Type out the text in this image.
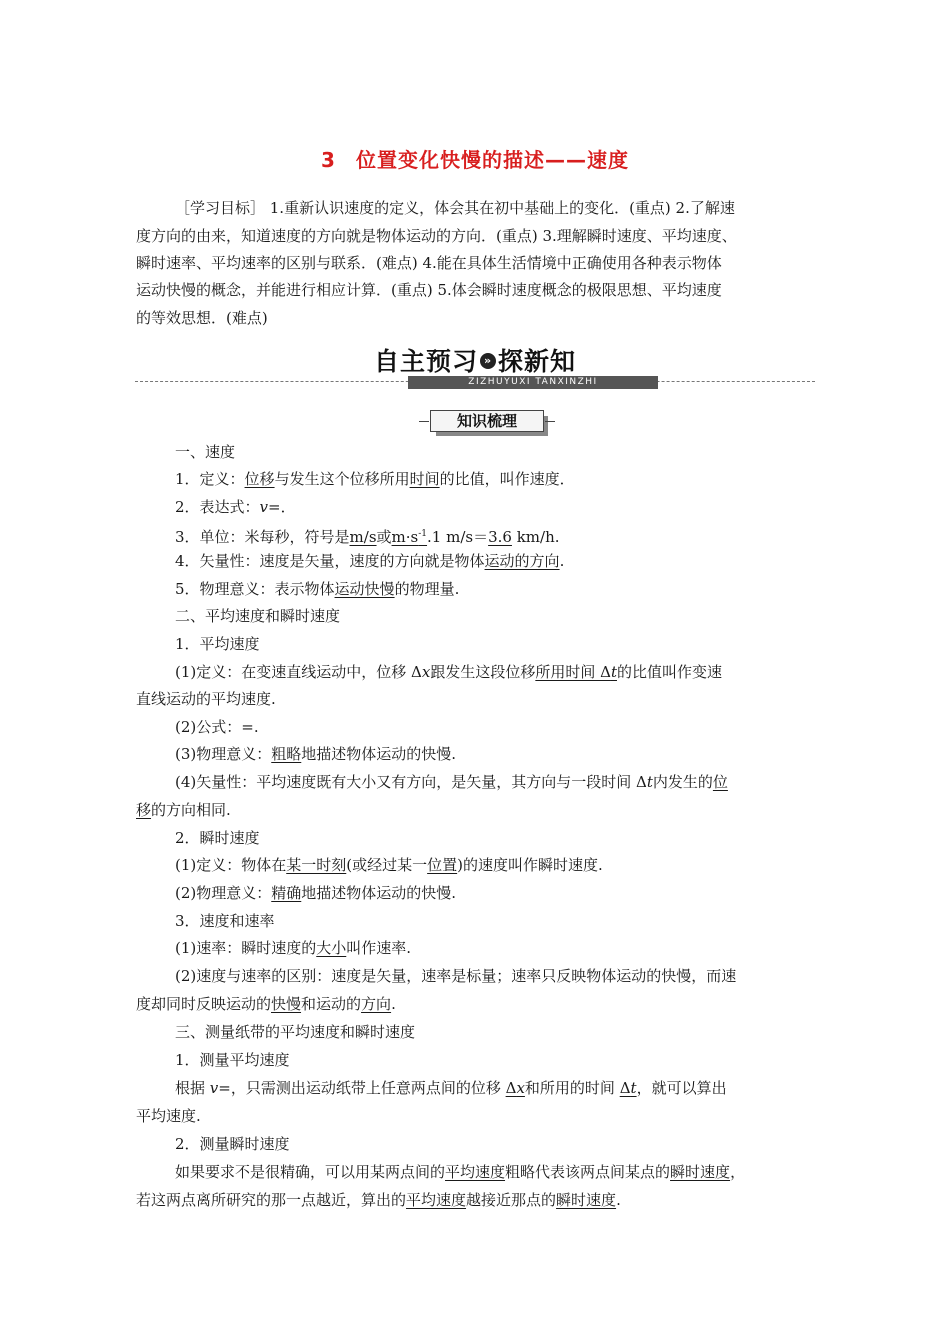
3 位置变化快慢的描述——速度
［学习目标］ 1.重新认识速度的定义，体会其在初中基础上的变化．(重点) 2.了解速
度方向的由来，知道速度的方向就是物体运动的方向．(重点) 3.理解瞬时速度、平均速度、
瞬时速率、平均速率的区别与联系．(难点) 4.能在具体生活情境中正确使用各种表示物体
运动快慢的概念，并能进行相应计算．(重点) 5.体会瞬时速度概念的极限思想、平均速度
的等效思想．(难点)
自主预习 » 探新知
ZIZHUYUXI TANXINZHI
知识梳理
一、速度
1．定义：位移与发生这个位移所用时间的比值，叫作速度．
2．表达式：v=．
3．单位：米每秒，符号是m/s或$m\cdot s^{-1}.1$ m/s＝3.6 km/h.
4．矢量性：速度是矢量，速度的方向就是物体运动的方向.
5．物理意义：表示物体运动快慢的物理量.
二、平均速度和瞬时速度
1．平均速度
(1)定义：在变速直线运动中，位移 Δx跟发生这段位移所用时间 Δt的比值叫作变速
直线运动的平均速度.
(2)公式：=.
(3)物理意义：粗略地描述物体运动的快慢.
(4)矢量性：平均速度既有大小又有方向，是矢量，其方向与一段时间 Δt内发生的位
移的方向相同.
2．瞬时速度
(1)定义：物体在某一时刻(或经过某一位置)的速度叫作瞬时速度.
(2)物理意义：精确地描述物体运动的快慢.
3．速度和速率
(1)速率：瞬时速度的大小叫作速率.
(2)速度与速率的区别：速度是矢量，速率是标量；速率只反映物体运动的快慢，而速
度却同时反映运动的快慢和运动的方向.
三、测量纸带的平均速度和瞬时速度
1．测量平均速度
根据 v=，只需测出运动纸带上任意两点间的位移 Δx和所用的时间 Δt，就可以算出
平均速度.
2．测量瞬时速度
如果要求不是很精确，可以用某两点间的平均速度粗略代表该两点间某点的瞬时速度，
若这两点离所研究的那一点越近，算出的平均速度越接近那点的瞬时速度.
